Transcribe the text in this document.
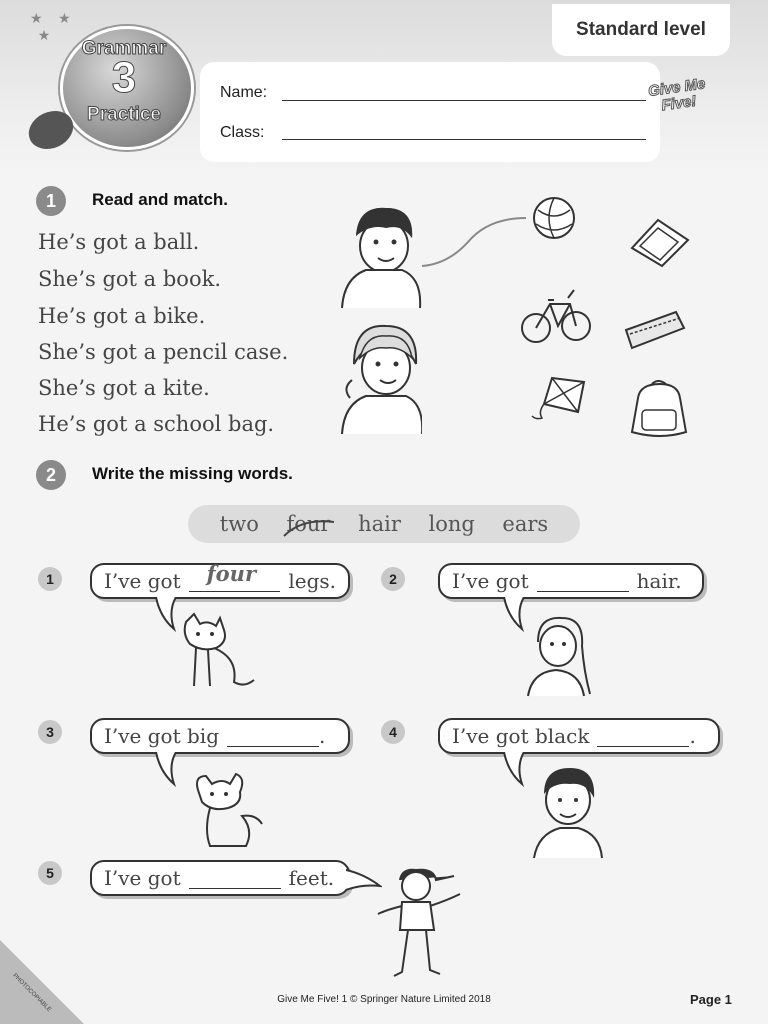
★    ★
★	Standard level
Grammar
3
Practice
Name:
Class:
Give Me Five!
1	Read and match.
He’s got a ball.
She’s got a book.
He’s got a bike.
She’s got a pencil case.
She’s got a kite.
He’s got a school bag.
2	Write the missing words.
two four hair long ears
1	I’ve got four legs.	2	I’ve got	hair.
3	I’ve got big	.	4	I’ve got black	.
5	I’ve got	feet.
PHOTOCOPIABLE	Give Me Five! 1 © Springer Nature Limited 2018	Page 1
